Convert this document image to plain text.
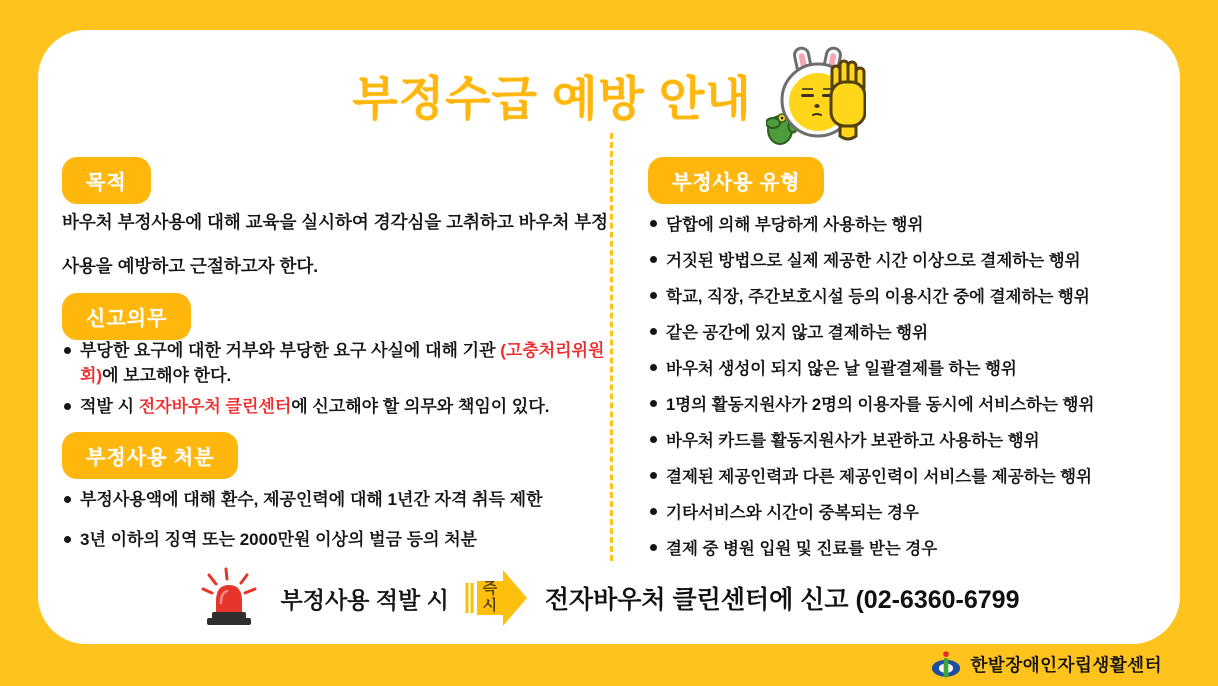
부정수급 예방 안내
목적
바우처 부정사용에 대해 교육을 실시하여 경각심을 고취하고 바우처 부정사용을 예방하고 근절하고자 한다.
신고의무
부당한 요구에 대한 거부와 부당한 요구 사실에 대해 기관 (고충처리위원회)에 보고해야 한다.
적발 시 전자바우처 클린센터에 신고해야 할 의무와 책임이 있다.
부정사용 처분
부정사용액에 대해 환수, 제공인력에 대해 1년간 자격 취득 제한
3년 이하의 징역 또는 2000만원 이상의 벌금 등의 처분
부정사용 유형
담합에 의해 부당하게 사용하는 행위
거짓된 방법으로 실제 제공한 시간 이상으로 결제하는 행위
학교, 직장, 주간보호시설 등의 이용시간 중에 결제하는 행위
같은 공간에 있지 않고 결제하는 행위
바우처 생성이 되지 않은 날 일괄결제를 하는 행위
1명의 활동지원사가 2명의 이용자를 동시에 서비스하는 행위
바우처 카드를 활동지원사가 보관하고 사용하는 행위
결제된 제공인력과 다른 제공인력이 서비스를 제공하는 행위
기타서비스와 시간이 중복되는 경우
결제 중 병원 입원 및 진료를 받는 경우
부정사용 적발 시	즉
시 전자바우처 클린센터에 신고 (02-6360-6799
한밭장애인자립생활센터
